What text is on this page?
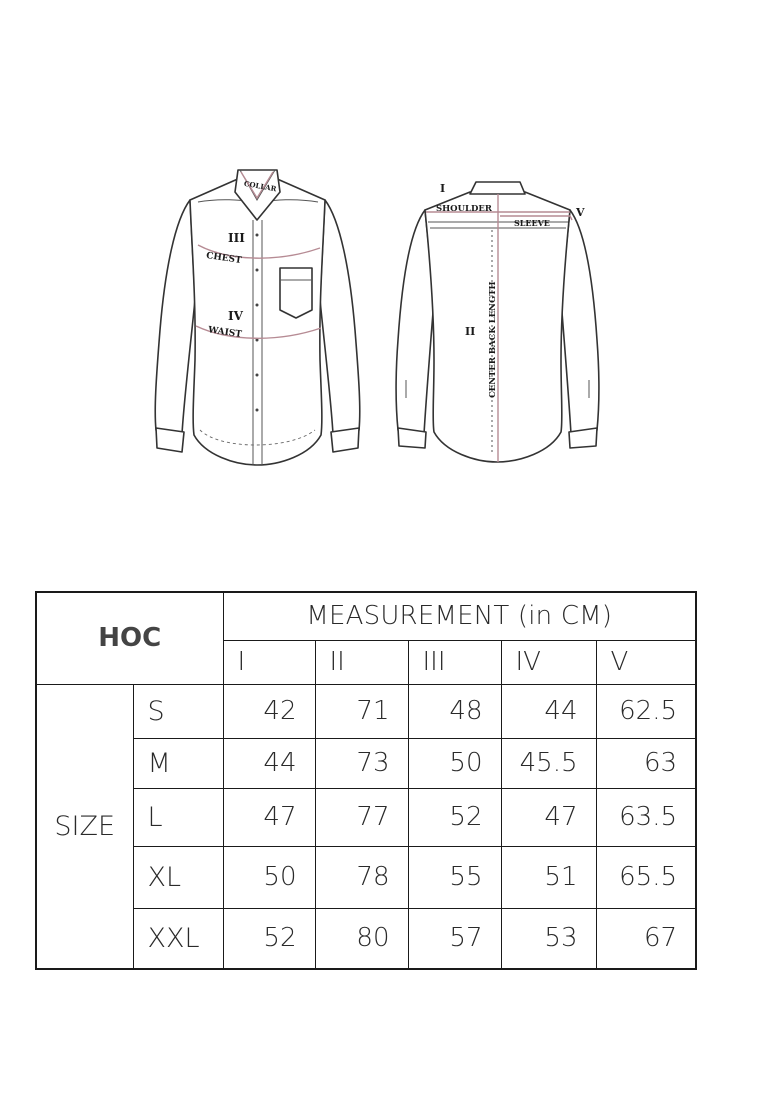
COLLAR
III
CHEST
IV
WAIST
I
SHOULDER
SLEEVE
V
II CENTER BACK LENGTH
HOC		MEASUREMENT (in CM)				
		I	II	III	IV	V
SIZE	S	42	71	48	44	62.5
	M	44	73	50	45.5	63
	L	47	77	52	47	63.5
	XL	50	78	55	51	65.5
	XXL	52	80	57	53	67
